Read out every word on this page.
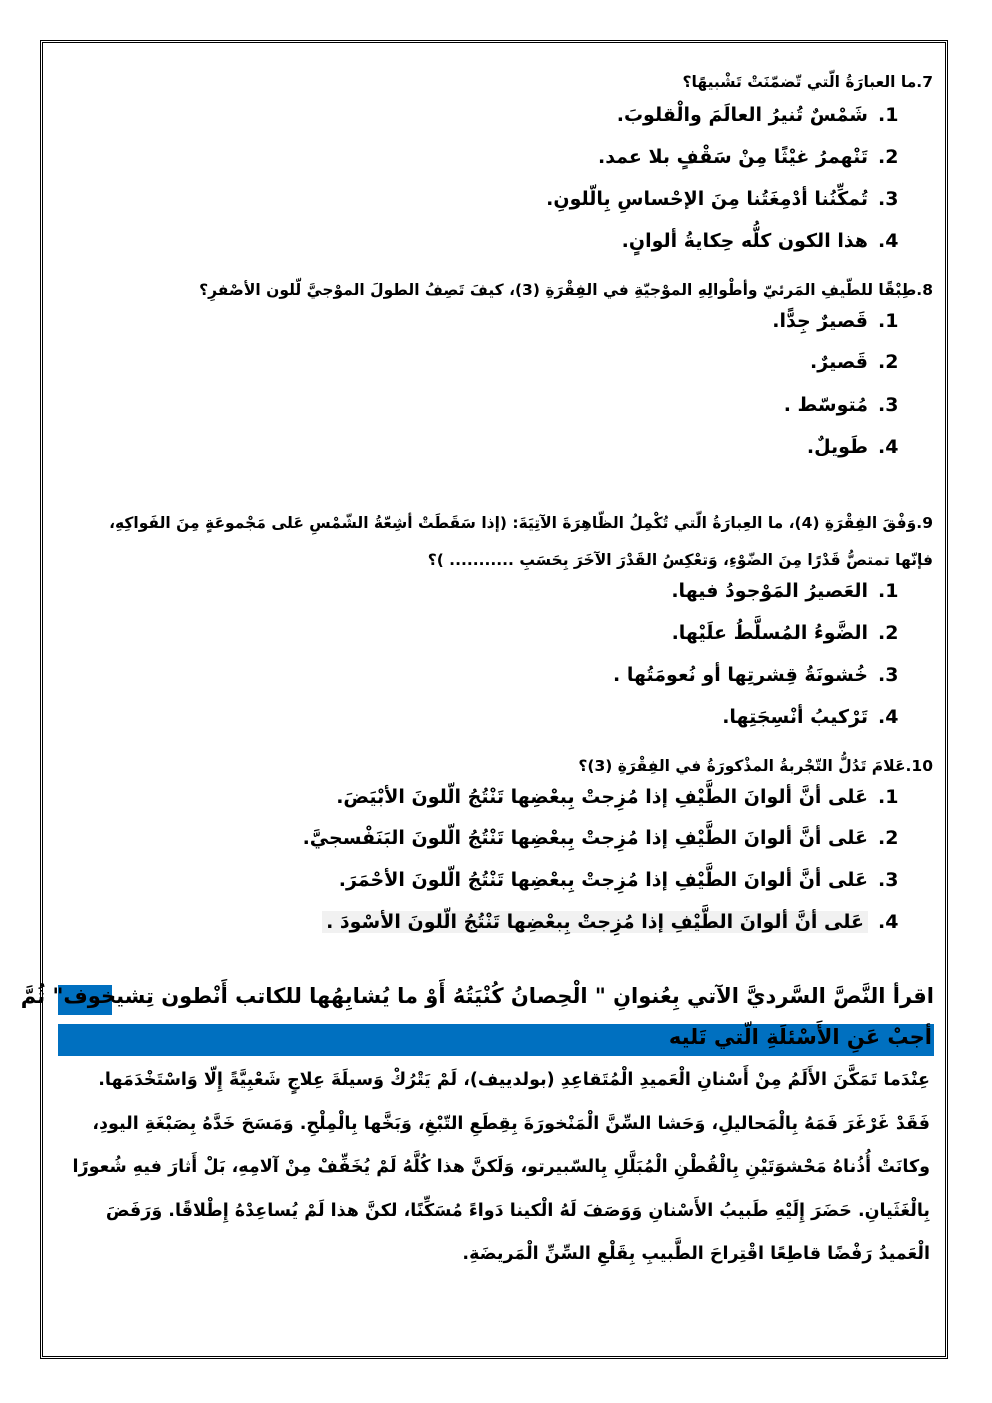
7.ما العبارَةُ الّتي تّضمّنَتْ تَشْبيهًا؟
1.شَمْسٌ تُنيرُ العالَمَ والْقلوبَ.
2.تَنْهمرُ غيْثًا مِنْ سَقْفٍ بلا عمد.
3.تُمكِّنُنا أدْمِغَتُنا مِنَ الإحْساسِ بِالّلونِ.
4.هذا الكون كلُّه حِكايةُ ألوانٍ.
8.طِبْقًا للطّيفِ المَرئيّ وأطْوالِهِ الموْجيّةِ في الفِقْرَةِ (3)، كيفَ تَصِفُ الطولَ الموْجيَّ لّلون الأصْفرِ؟
1.قَصيرٌ جِدًّا.
2.قَصيرٌ.
3.مُتوسّط .
4.طَويلٌ.
9.وَفْقَ الفِقْرَةِ (4)، ما العِبارَةُ الّتي تُكْمِلُ الظّاهِرَةَ الآتِيَةَ: (إذا سَقَطَتْ أشِعّةُ الشّمْسِ عَلى مَجْموعَةٍ مِنَ الفَواكِهِ،
فإنّها تمتصُّ قَدْرًا مِنَ الضّوْءِ، وَتعْكِسُ القَدْرَ الآخَرَ بِحَسَبِ ........... )؟
1.العَصيرُ المَوْجودُ فيها.
2.الضَّوءُ المُسلَّطُ علَيْها.
3.خُشونَةُ قِشرتِها أو نُعومَتُها .
4.تَرْكيبُ أنْسِجَتِها.
10.عَلامَ تَدُلُّ التّجْربةُ المذْكورَةُ في الفِقْرَةِ (3)؟
1.عَلى أنَّ ألوانَ الطَّيْفِ إذا مُزِجتْ بِبعْضِها تَنْتُجُ الّلونَ الأبْيَضَ.
2.عَلى أنَّ ألوانَ الطَّيْفِ إذا مُزِجتْ بِبعْضِها تَنْتُجُ الّلونَ البَنَفْسجيَّ.
3.عَلى أنَّ ألوانَ الطَّيْفِ إذا مُزِجتْ بِبعْضِها تَنْتُجُ الّلونَ الأحْمَرَ.
4.عَلى أنَّ ألوانَ الطَّيْفِ إذا مُزِجتْ بِبعْضِها تَنْتُجُ الّلونَ الأسْودَ .
اقرأ النَّصَّ السَّرديَّ الآتي بِعُنوانِ " الْحِصانُ كُنْيَتُهُ أَوْ ما يُشابِهُها للكاتب أَنْطون تِشيخوف" ثُمَّ
أجبْ عَنِ الأَسْئلَةِ الّتي تَليه
عِنْدَما تَمَكَّنَ الأَلَمُ مِنْ أَسْنانِ الْعَميدِ الْمُتَقاعِدِ (بولدييف)، لَمْ يَتْرُكْ وَسيلَةَ عِلاجٍ شَعْبِيَّةً إِلّا وَاسْتَخْدَمَها.
فَقَدْ غَرْغَرَ فَمَهُ بِالْمَحاليلِ، وَحَشا السِّنَّ الْمَنْخورَةَ بِقِطَعِ التّبْغِ، وَبَخَّها بِالْمِلْحِ. وَمَسَحَ خَدَّهُ بِصَبْغَةِ اليودِ،
وكانَتْ أُذُناهُ مَحْشوَتَيْنِ بِالْقُطْنِ الْمُبَلَّلِ بِالسّبيرتو، وَلَكنَّ هذا كُلَّهُ لَمْ يُخَفِّفْ مِنْ آلامِهِ، بَلْ أَثارَ فيهِ شُعورًا
بِالْغَثَيانِ. حَضَرَ إِلَيْهِ طَبيبُ الأَسْنانِ وَوَصَفَ لَهُ الْكينا دَواءً مُسَكِّنًا، لكنَّ هذا لَمْ يُساعِدْهُ إِطْلاقًا. وَرَفَضَ
الْعَميدُ رَفْضًا قاطِعًا اقْتِراحَ الطَّبيبِ بِقَلْعِ السِّنِّ الْمَريضَةِ.
